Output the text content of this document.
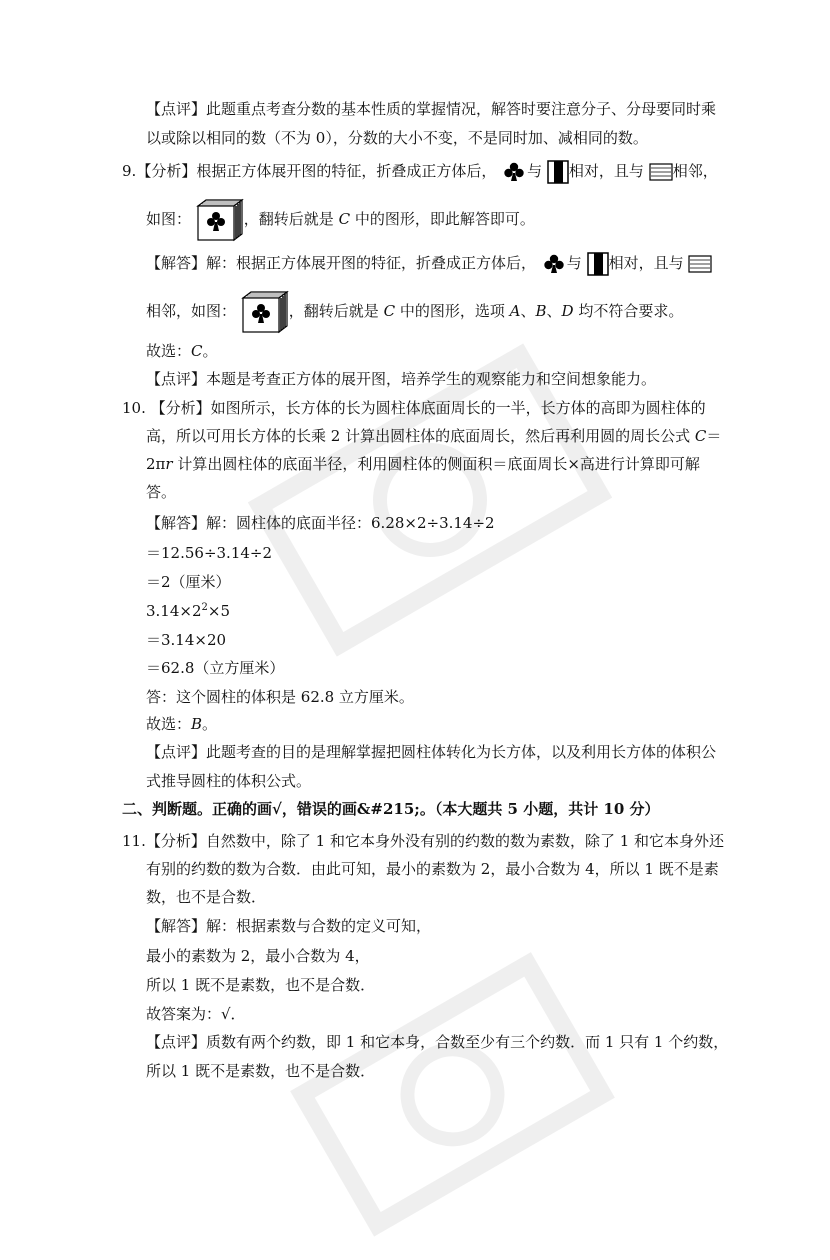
【点评】此题重点考查分数的基本性质的掌握情况，解答时要注意分子、分母要同时乘
以或除以相同的数（不为 0），分数的大小不变，不是同时加、减相同的数。
9.【分析】根据正方体展开图的特征，折叠成正方体后， 与 相对，且与 相邻，
如图：	，翻转后就是 C 中的图形，即此解答即可。
【解答】解：根据正方体展开图的特征，折叠成正方体后， 与 相对，且与
相邻，如图：	，翻转后就是 C 中的图形，选项 A、B、D 均不符合要求。
故选：C。
【点评】本题是考查正方体的展开图，培养学生的观察能力和空间想象能力。
10. 【分析】如图所示，长方体的长为圆柱体底面周长的一半，长方体的高即为圆柱体的
高，所以可用长方体的长乘 2 计算出圆柱体的底面周长，然后再利用圆的周长公式 C＝
2πr 计算出圆柱体的底面半径，利用圆柱体的侧面积＝底面周长×高进行计算即可解
答。
【解答】解：圆柱体的底面半径：6.28×2÷3.14÷2
＝12.56÷3.14÷2
＝2（厘米）
$3.14\times 2^2\times 5$
＝3.14×20
＝62.8（立方厘米）
答：这个圆柱的体积是 62.8 立方厘米。
故选：B。
【点评】此题考查的目的是理解掌握把圆柱体转化为长方体，以及利用长方体的体积公
式推导圆柱的体积公式。
二、判断题。正确的画√，错误的画&#215;。（本大题共 5 小题，共计 10 分）
11.【分析】自然数中，除了 1 和它本身外没有别的约数的数为素数，除了 1 和它本身外还
有别的约数的数为合数．由此可知，最小的素数为 2，最小合数为 4，所以 1 既不是素
数，也不是合数．
【解答】解：根据素数与合数的定义可知，
最小的素数为 2，最小合数为 4，
所以 1 既不是素数，也不是合数．
故答案为：√．
【点评】质数有两个约数，即 1 和它本身，合数至少有三个约数．而 1 只有 1 个约数，
所以 1 既不是素数，也不是合数．
